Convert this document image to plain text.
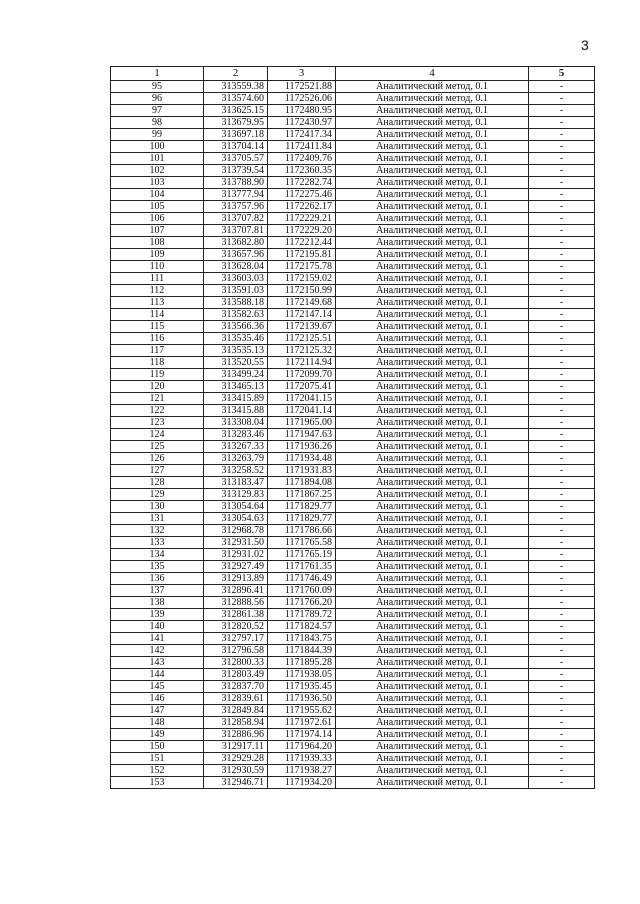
3
1	2	3	4	5
95	313559.38	1172521.88	Аналитический метод, 0.1	-
96	313574.60	1172526.06	Аналитический метод, 0.1	-
97	313625.15	1172480.95	Аналитический метод, 0.1	-
98	313679.95	1172430.97	Аналитический метод, 0.1	-
99	313697.18	1172417.34	Аналитический метод, 0.1	-
100	313704.14	1172411.84	Аналитический метод, 0.1	-
101	313705.57	1172409.76	Аналитический метод, 0.1	-
102	313739.54	1172360.35	Аналитический метод, 0.1	-
103	313788.90	1172282.74	Аналитический метод, 0.1	-
104	313777.94	1172275.46	Аналитический метод, 0.1	-
105	313757.96	1172262.17	Аналитический метод, 0.1	-
106	313707.82	1172229.21	Аналитический метод, 0.1	-
107	313707.81	1172229.20	Аналитический метод, 0.1	-
108	313682.80	1172212.44	Аналитический метод, 0.1	-
109	313657.96	1172195.81	Аналитический метод, 0.1	-
110	313628.04	1172175.78	Аналитический метод, 0.1	-
111	313603.03	1172159.02	Аналитический метод, 0.1	-
112	313591.03	1172150.99	Аналитический метод, 0.1	-
113	313588.18	1172149.68	Аналитический метод, 0.1	-
114	313582.63	1172147.14	Аналитический метод, 0.1	-
115	313566.36	1172139.67	Аналитический метод, 0.1	-
116	313535.46	1172125.51	Аналитический метод, 0.1	-
117	313535.13	1172125.32	Аналитический метод, 0.1	-
118	313520.55	1172114.94	Аналитический метод, 0.1	-
119	313499.24	1172099.70	Аналитический метод, 0.1	-
120	313465.13	1172075.41	Аналитический метод, 0.1	-
121	313415.89	1172041.15	Аналитический метод, 0.1	-
122	313415.88	1172041.14	Аналитический метод, 0.1	-
123	313308.04	1171965.00	Аналитический метод, 0.1	-
124	313283.46	1171947.63	Аналитический метод, 0.1	-
125	313267.33	1171936.26	Аналитический метод, 0.1	-
126	313263.79	1171934.48	Аналитический метод, 0.1	-
127	313258.52	1171931.83	Аналитический метод, 0.1	-
128	313183.47	1171894.08	Аналитический метод, 0.1	-
129	313129.83	1171867.25	Аналитический метод, 0.1	-
130	313054.64	1171829.77	Аналитический метод, 0.1	-
131	313054.63	1171829.77	Аналитический метод, 0.1	-
132	312968.78	1171786.66	Аналитический метод, 0.1	-
133	312931.50	1171765.58	Аналитический метод, 0.1	-
134	312931.02	1171765.19	Аналитический метод, 0.1	-
135	312927.49	1171761.35	Аналитический метод, 0.1	-
136	312913.89	1171746.49	Аналитический метод, 0.1	-
137	312896.41	1171760.09	Аналитический метод, 0.1	-
138	312888.56	1171766.20	Аналитический метод, 0.1	-
139	312861.38	1171789.72	Аналитический метод, 0.1	-
140	312820.52	1171824.57	Аналитический метод, 0.1	-
141	312797.17	1171843.75	Аналитический метод, 0.1	-
142	312796.58	1171844.39	Аналитический метод, 0.1	-
143	312800.33	1171895.28	Аналитический метод, 0.1	-
144	312803.49	1171938.05	Аналитический метод, 0.1	-
145	312837.70	1171935.45	Аналитический метод, 0.1	-
146	312839.61	1171936.50	Аналитический метод, 0.1	-
147	312849.84	1171955.62	Аналитический метод, 0.1	-
148	312858.94	1171972.61	Аналитический метод, 0.1	-
149	312886.96	1171974.14	Аналитический метод, 0.1	-
150	312917.11	1171964.20	Аналитический метод, 0.1	-
151	312929.28	1171939.33	Аналитический метод, 0.1	-
152	312930.59	1171938.27	Аналитический метод, 0.1	-
153	312946.71	1171934.20	Аналитический метод, 0.1	-
